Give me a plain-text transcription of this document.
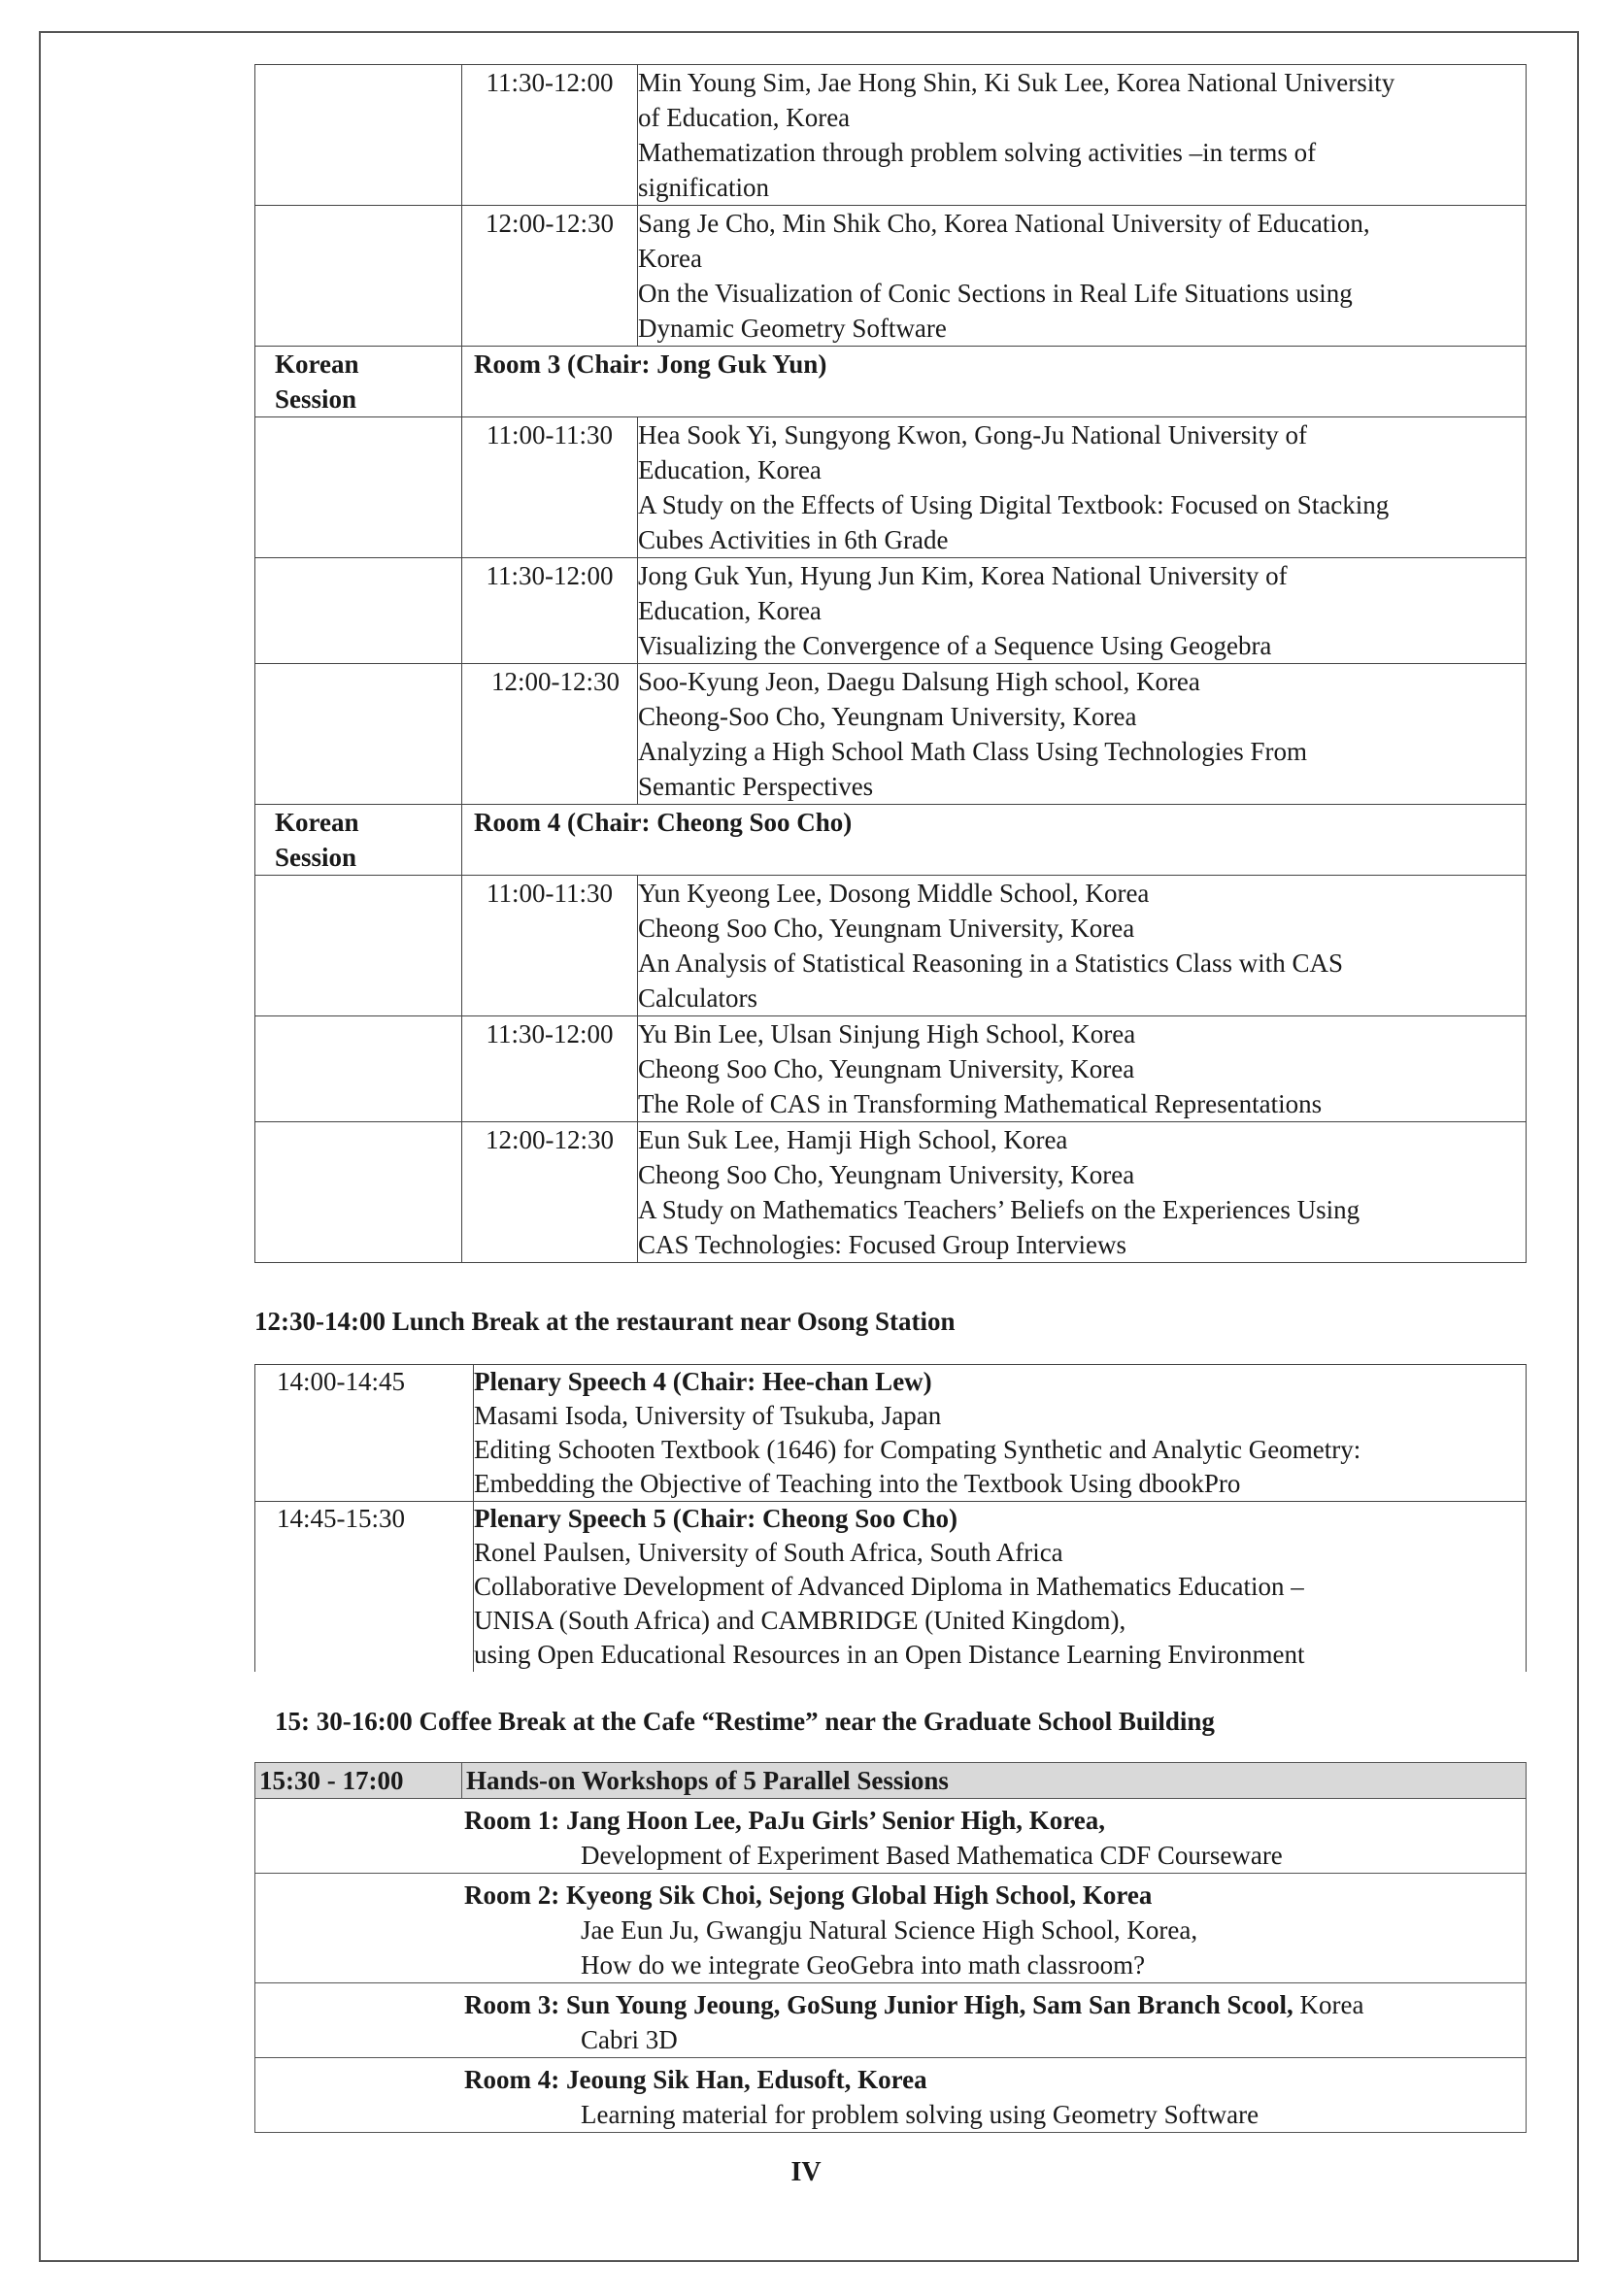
	11:30-12:00	Min Young Sim, Jae Hong Shin, Ki Suk Lee, Korea National University
of Education, Korea
Mathematization through problem solving activities –in terms of
signification

	12:00-12:30	Sang Je Cho, Min Shik Cho, Korea National University of Education,
Korea
On the Visualization of Conic Sections in Real Life Situations using
Dynamic Geometry Software

Korean
Session	Room 3 (Chair: Jong Guk Yun)	
	11:00-11:30	Hea Sook Yi, Sungyong Kwon, Gong-Ju National University of
Education, Korea
A Study on the Effects of Using Digital Textbook: Focused on Stacking
Cubes Activities in 6th Grade

	11:30-12:00	Jong Guk Yun, Hyung Jun Kim, Korea National University of
Education, Korea
Visualizing the Convergence of a Sequence Using Geogebra

	12:00-12:30	Soo-Kyung Jeon, Daegu Dalsung High school, Korea
Cheong-Soo Cho, Yeungnam University, Korea
Analyzing a High School Math Class Using Technologies From
Semantic Perspectives

Korean
Session	Room 4 (Chair: Cheong Soo Cho)	
	11:00-11:30	Yun Kyeong Lee, Dosong Middle School, Korea
Cheong Soo Cho, Yeungnam University, Korea
An Analysis of Statistical Reasoning in a Statistics Class with CAS
Calculators

	11:30-12:00	Yu Bin Lee, Ulsan Sinjung High School, Korea
Cheong Soo Cho, Yeungnam University, Korea
The Role of CAS in Transforming Mathematical Representations

	12:00-12:30	Eun Suk Lee, Hamji High School, Korea
Cheong Soo Cho, Yeungnam University, Korea
A Study on Mathematics Teachers’ Beliefs on the Experiences Using
CAS Technologies: Focused Group Interviews
12:30-14:00 Lunch Break at the restaurant near Osong Station
14:00-14:45	Plenary Speech 4 (Chair: Hee-chan Lew)
Masami Isoda, University of Tsukuba, Japan
Editing Schooten Textbook (1646) for Compating Synthetic and Analytic Geometry:
Embedding the Objective of Teaching into the Textbook Using dbookPro

14:45-15:30	Plenary Speech 5 (Chair: Cheong Soo Cho)
Ronel Paulsen, University of South Africa, South Africa
Collaborative Development of Advanced Diploma in Mathematics Education –
UNISA (South Africa) and CAMBRIDGE (United Kingdom),
using Open Educational Resources in an Open Distance Learning Environment
15: 30-16:00 Coffee Break at the Cafe “Restime” near the Graduate School Building
15:30 - 17:00	Hands-on Workshops of 5 Parallel Sessions

Room 1: Jang Hoon Lee, PaJu Girls’ Senior High, Korea,
Development of Experiment Based Mathematica CDF Courseware

Room 2: Kyeong Sik Choi, Sejong Global High School, Korea
Jae Eun Ju, Gwangju Natural Science High School, Korea,
How do we integrate GeoGebra into math classroom?

Room 3: Sun Young Jeoung, GoSung Junior High, Sam San Branch Scool, Korea
Cabri 3D

Room 4: Jeoung Sik Han, Edusoft, Korea
Learning material for problem solving using Geometry Software
IV
